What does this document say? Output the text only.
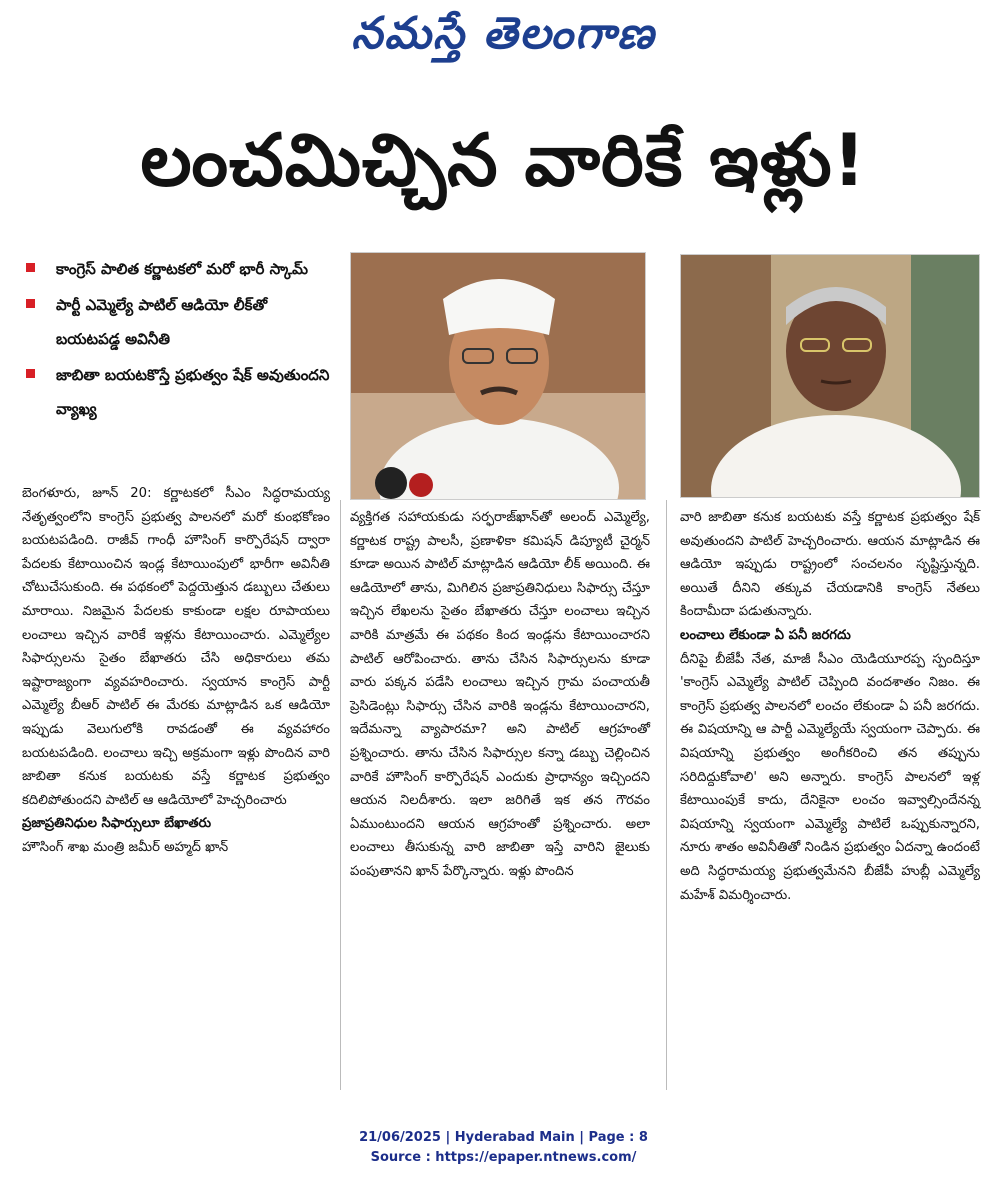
నమస్తే తెలంగాణ
లంచమిచ్చిన వారికే ఇళ్లు!
కాంగ్రెస్‌ పాలిత కర్ణాటకలో మరో భారీ స్కామ్‌
పార్టీ ఎమ్మెల్యే పాటిల్‌ ఆడియో లీక్‌తో బయటపడ్డ అవినీతి
జాబితా బయటకొస్తే ప్రభుత్వం షేక్‌ అవుతుందని వ్యాఖ్య

బెంగళూరు, జూన్‌ 20: కర్ణాటకలో సీఎం సిద్ధరామయ్య నేతృత్వంలోని కాంగ్రెస్‌ ప్రభుత్వ పాలనలో మరో కుంభకోణం బయటపడింది. రాజీవ్‌ గాంధీ హౌసింగ్‌ కార్పొరేషన్‌ ద్వారా పేదలకు కేటాయించిన ఇండ్ల కేటాయింపులో భారీగా అవినీతి చోటుచేసుకుంది. ఈ పథకంలో పెద్దయెత్తున డబ్బులు చేతులు మారాయి. నిజమైన పేదలకు కాకుండా లక్షల రూపాయలు లంచాలు ఇచ్చిన వారికే ఇళ్లను కేటాయించారు. ఎమ్మెల్యేల సిఫార్సులను సైతం బేఖాతరు చేసి అధికారులు తమ ఇష్టారాజ్యంగా వ్యవహరించారు. స్వయాన కాంగ్రెస్‌ పార్టీ ఎమ్మెల్యే బీఆర్‌ పాటిల్‌ ఈ మేరకు మాట్లాడిన ఒక ఆడియో ఇప్పుడు వెలుగులోకి రావడంతో ఈ వ్యవహారం బయటపడింది. లంచాలు ఇచ్చి అక్రమంగా ఇళ్లు పొందిన వారి జాబితా కనుక బయటకు వస్తే కర్ణాటక ప్రభుత్వం కదిలిపోతుందని పాటిల్‌ ఆ ఆడియోలో హెచ్చరించారు

ప్రజాప్రతినిధుల సిఫార్సులూ బేఖాతరు

హౌసింగ్‌ శాఖ మంత్రి జమీర్‌ అహ్మద్‌ ఖాన్‌

వ్యక్తిగత సహాయకుడు సర్ఫరాజ్‌ఖాన్‌తో అలంద్‌ ఎమ్మెల్యే, కర్ణాటక రాష్ట్ర పాలసీ, ప్రణాళికా కమిషన్‌ డిప్యూటీ చైర్మన్‌ కూడా అయిన పాటిల్‌ మాట్లాడిన ఆడియో లీక్‌ అయింది. ఈ ఆడియోలో తాను, మిగిలిన ప్రజాప్రతినిధులు సిఫార్సు చేస్తూ ఇచ్చిన లేఖలను సైతం బేఖాతరు చేస్తూ లంచాలు ఇచ్చిన వారికి మాత్రమే ఈ పథకం కింద ఇండ్లను కేటాయించారని పాటిల్‌ ఆరోపించారు. తాను చేసిన సిఫార్సులను కూడా వారు పక్కన పడేసి లంచాలు ఇచ్చిన గ్రామ పంచాయతీ ప్రెసిడెంట్లు సిఫార్సు చేసిన వారికి ఇండ్లను కేటాయించారని, ఇదేమన్నా వ్యాపారమా? అని పాటిల్‌ ఆగ్రహంతో ప్రశ్నించారు. తాను చేసిన సిఫార్సుల కన్నా డబ్బు చెల్లించిన వారికే హౌసింగ్‌ కార్పొరేషన్‌ ఎందుకు ప్రాధాన్యం ఇచ్చిందని ఆయన నిలదీశారు. ఇలా జరిగితే ఇక తన గౌరవం ఏముంటుందని ఆయన ఆగ్రహంతో ప్రశ్నించారు. అలా లంచాలు తీసుకున్న వారి జాబితా ఇస్తే వారిని జైలుకు పంపుతానని ఖాన్‌ పేర్కొన్నారు. ఇళ్లు పొందిన

వారి జాబితా కనుక బయటకు వస్తే కర్ణాటక ప్రభుత్వం షేక్‌ అవుతుందని పాటిల్‌ హెచ్చరించారు. ఆయన మాట్లాడిన ఈ ఆడియో ఇప్పుడు రాష్ట్రంలో సంచలనం సృష్టిస్తున్నది. అయితే దీనిని తక్కువ చేయడానికి కాంగ్రెస్‌ నేతలు కిందామీదా పడుతున్నారు.

లంచాలు లేకుండా ఏ పనీ జరగదు

దీనిపై బీజేపీ నేత, మాజీ సీఎం యెడియూరప్ప స్పందిస్తూ 'కాంగ్రెస్‌ ఎమ్మెల్యే పాటిల్‌ చెప్పింది వందశాతం నిజం. ఈ కాంగ్రెస్‌ ప్రభుత్వ పాలనలో లంచం లేకుండా ఏ పనీ జరగదు. ఈ విషయాన్ని ఆ పార్టీ ఎమ్మెల్యేయే స్వయంగా చెప్పారు. ఈ విషయాన్ని ప్రభుత్వం అంగీకరించి తన తప్పును సరిదిద్దుకోవాలి' అని అన్నారు. కాంగ్రెస్‌ పాలనలో ఇళ్ల కేటాయింపుకే కాదు, దేనికైనా లంచం ఇవ్వాల్సిందేనన్న విషయాన్ని స్వయంగా ఎమ్మెల్యే పాటిలే ఒప్పుకున్నారని, నూరు శాతం అవినీతితో నిండిన ప్రభుత్వం ఏదన్నా ఉందంటే అది సిద్ధరామయ్య ప్రభుత్వమేనని బీజేపీ హుబ్లీ ఎమ్మెల్యే మహేశ్‌ విమర్శించారు.

21/06/2025 | Hyderabad Main | Page : 8
Source : https://epaper.ntnews.com/
